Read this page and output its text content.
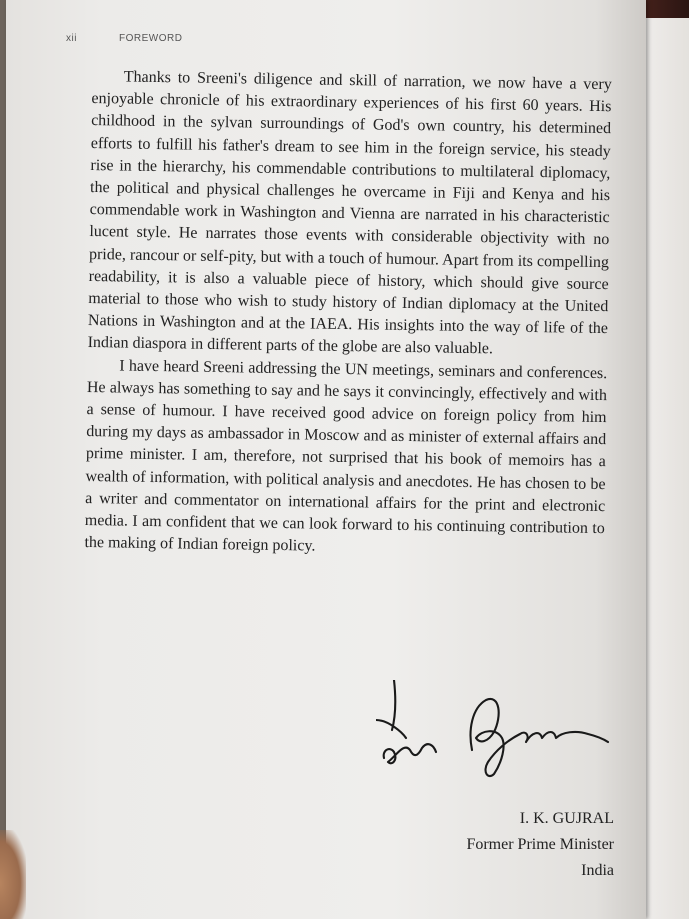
xii	FOREWORD

Thanks to Sreeni's diligence and skill of narration, we now have a very enjoyable chronicle of his extraordinary experiences of his first 60 years. His childhood in the sylvan surroundings of God's own country, his determined efforts to fulfill his father's dream to see him in the foreign service, his steady rise in the hierarchy, his commendable contributions to multilateral diplomacy, the political and physical challenges he overcame in Fiji and Kenya and his commendable work in Washington and Vienna are narrated in his characteristic lucent style. He narrates those events with considerable objectivity with no pride, rancour or self-pity, but with a touch of humour. Apart from its compelling readability, it is also a valuable piece of history, which should give source material to those who wish to study history of Indian diplomacy at the United Nations in Washington and at the IAEA. His insights into the way of life of the Indian diaspora in different parts of the globe are also valuable.

I have heard Sreeni addressing the UN meetings, seminars and conferences. He always has something to say and he says it convincingly, effectively and with a sense of humour. I have received good advice on foreign policy from him during my days as ambassador in Moscow and as minister of external affairs and prime minister. I am, therefore, not surprised that his book of memoirs has a wealth of information, with political analysis and anecdotes. He has chosen to be a writer and commentator on international affairs for the print and electronic media. I am confident that we can look forward to his continuing contribution to the making of Indian foreign policy.

I. K. GUJRAL
Former Prime Minister
India
